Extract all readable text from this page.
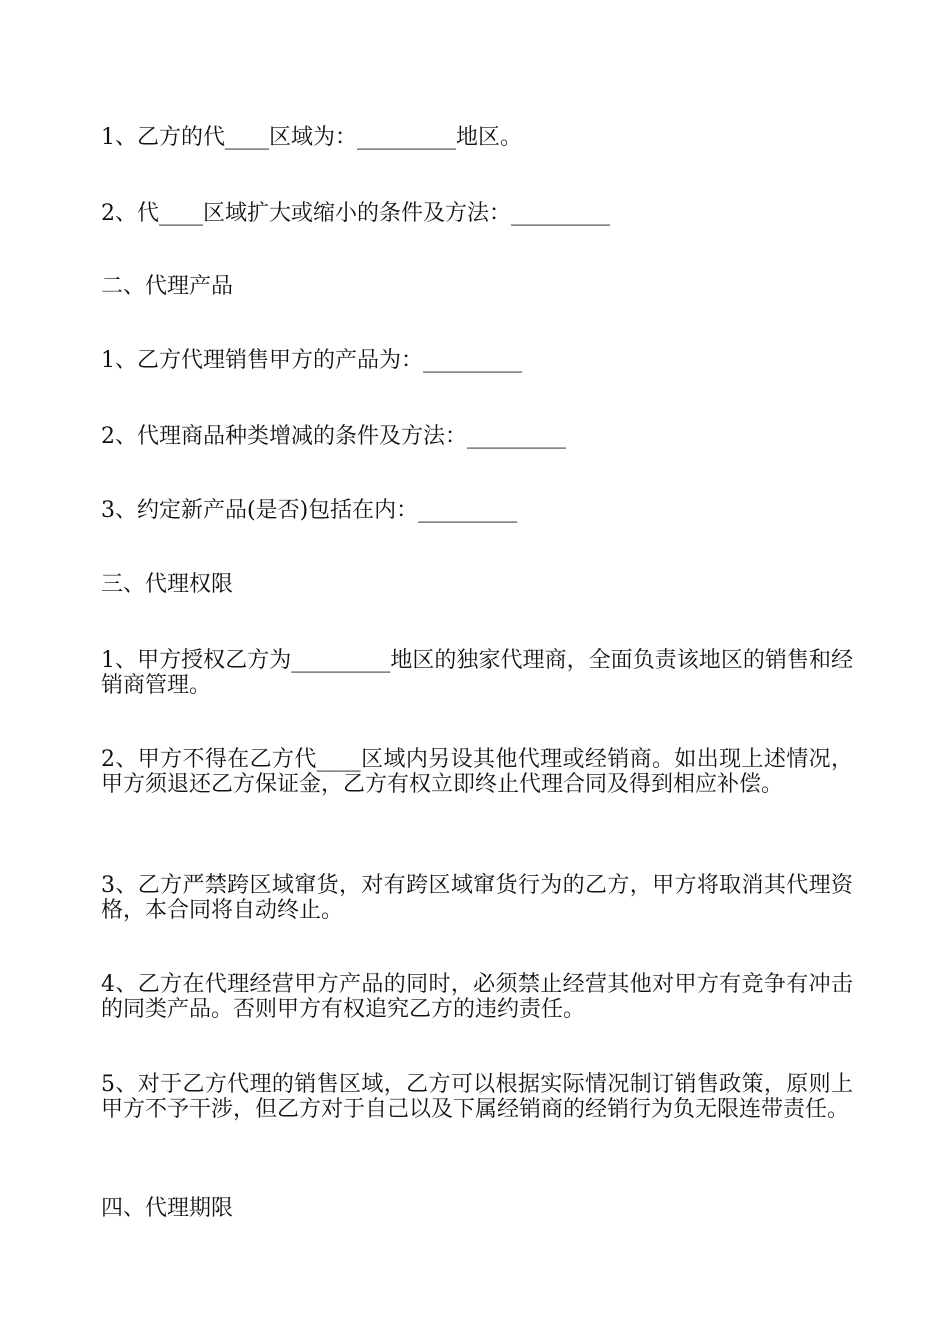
1、乙方的代____区域为：_________地区。

2、代____区域扩大或缩小的条件及方法：_________

二、代理产品

1、乙方代理销售甲方的产品为：_________

2、代理商品种类增减的条件及方法：_________

3、约定新产品(是否)包括在内：_________

三、代理权限

1、甲方授权乙方为_________地区的独家代理商，全面负责该地区的销售和经销商管理。

2、甲方不得在乙方代____区域内另设其他代理或经销商。如出现上述情况，甲方须退还乙方保证金，乙方有权立即终止代理合同及得到相应补偿。

3、乙方严禁跨区域窜货，对有跨区域窜货行为的乙方，甲方将取消其代理资格，本合同将自动终止。

4、乙方在代理经营甲方产品的同时，必须禁止经营其他对甲方有竞争有冲击的同类产品。否则甲方有权追究乙方的违约责任。

5、对于乙方代理的销售区域，乙方可以根据实际情况制订销售政策，原则上甲方不予干涉，但乙方对于自己以及下属经销商的经销行为负无限连带责任。

四、代理期限
